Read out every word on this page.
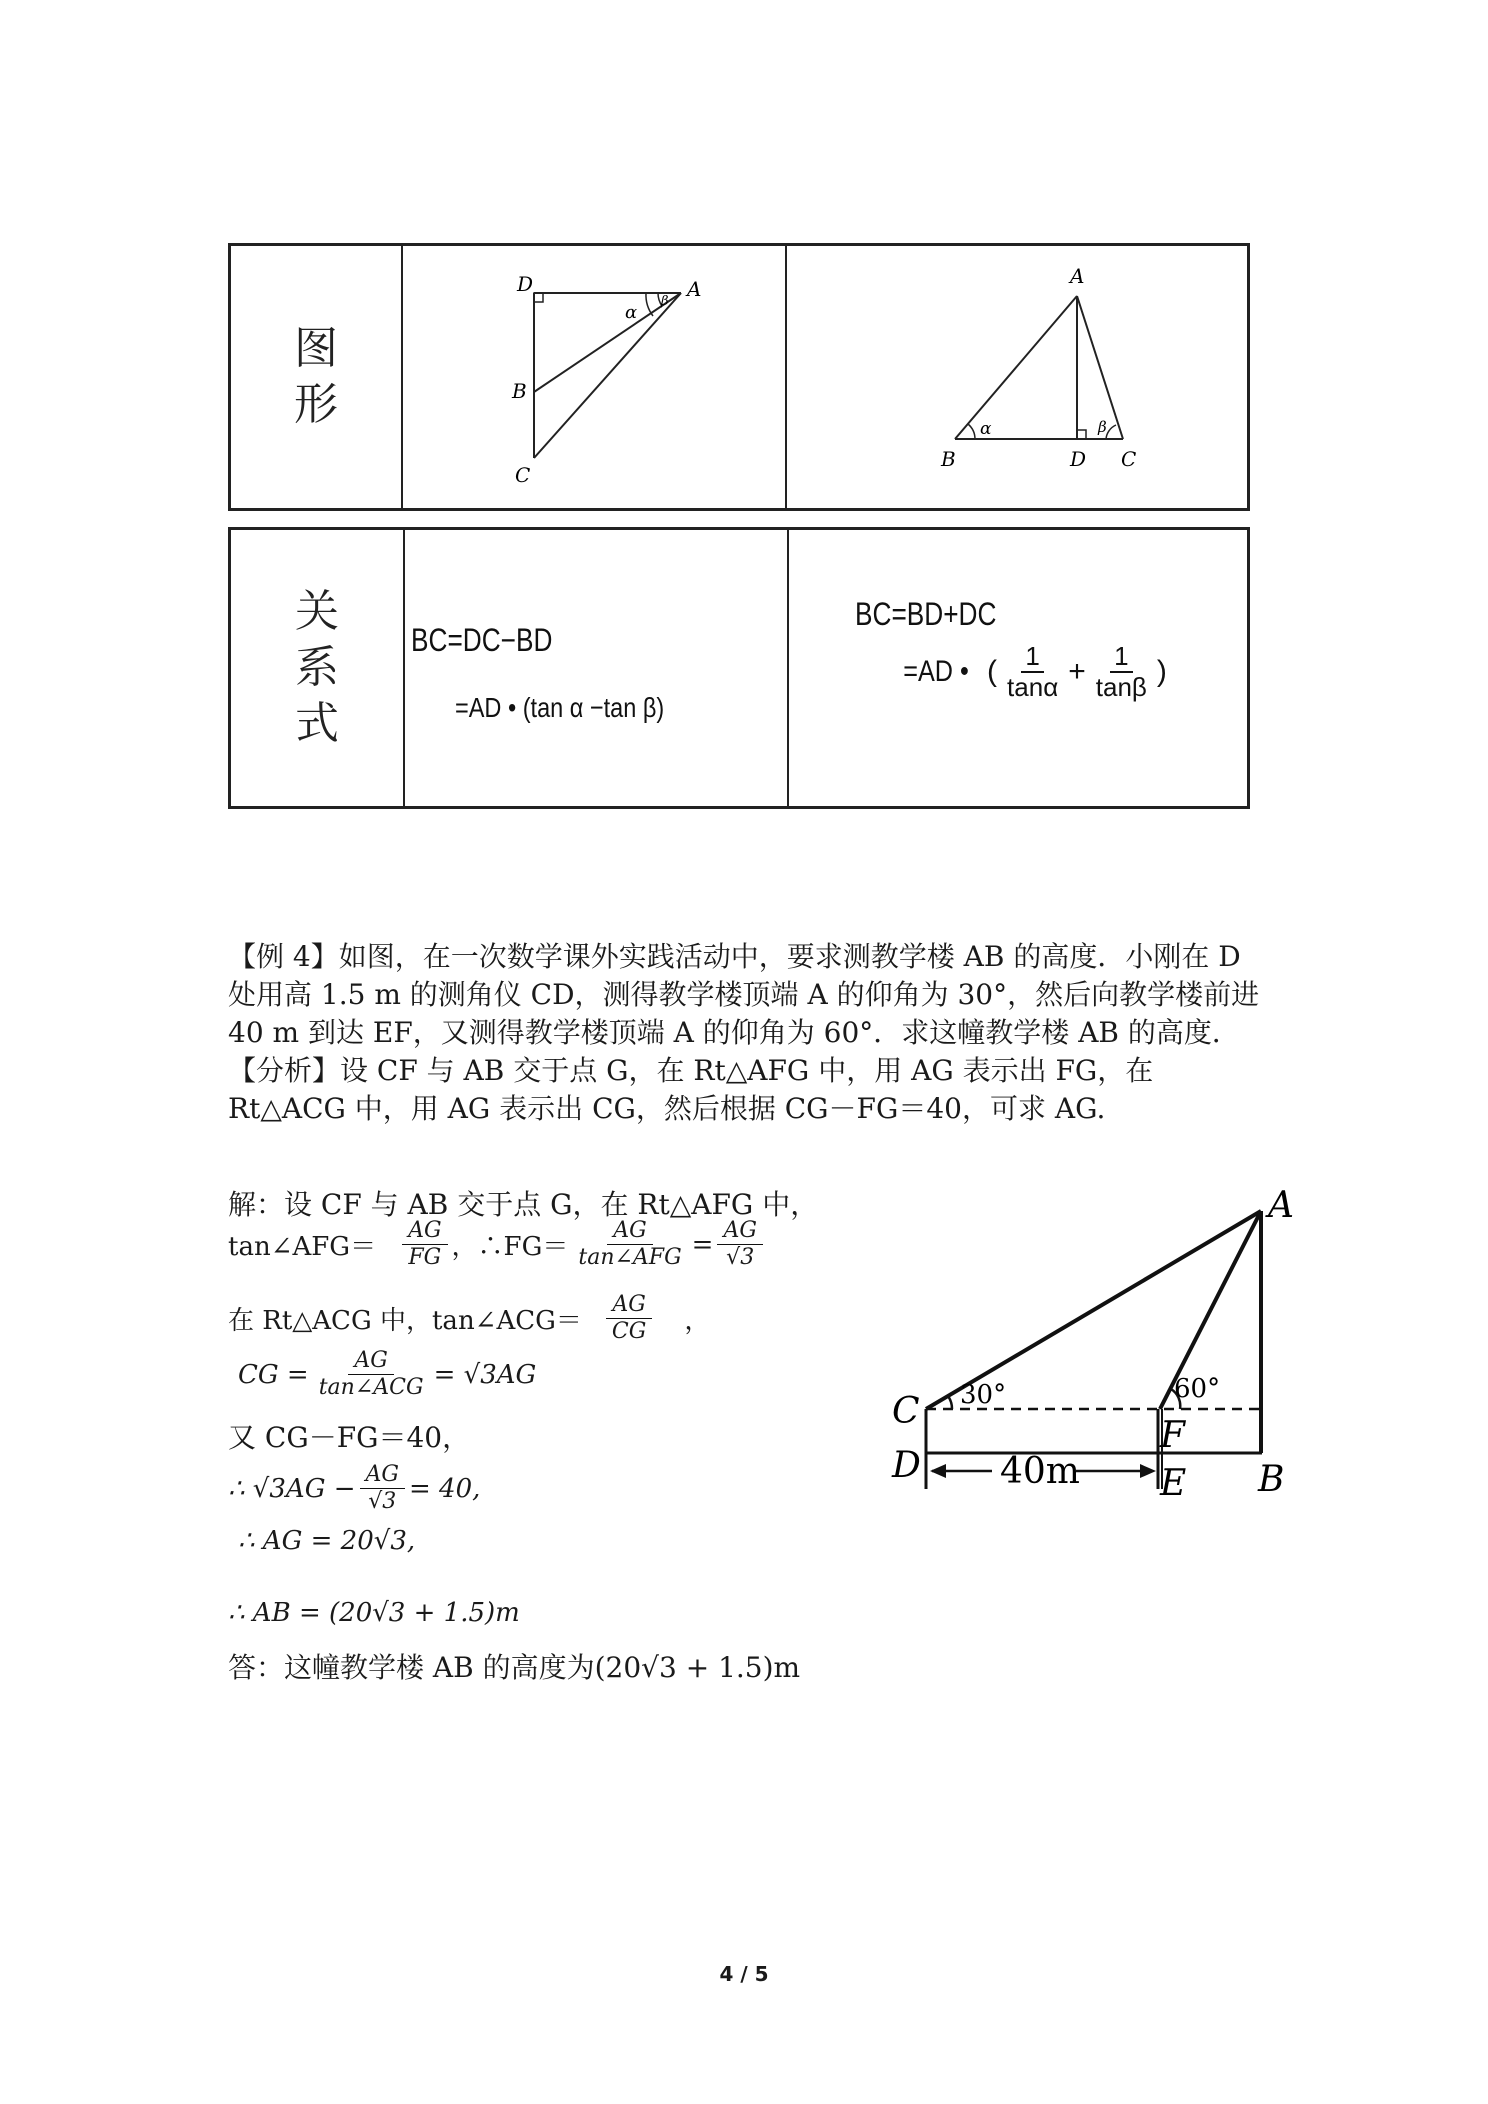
图形
D	A
B
C
α
β
A
B	D C
α	β
关系式
BC=DC−BD
=AD • (tan α −tan β)
BC=BD+DC
=AD • ( $\frac{1}{\tan\alpha} + \frac{1}{\tan\beta}$ )

【例 4】如图，在一次数学课外实践活动中，要求测教学楼 AB 的高度．小刚在 D 处用高 1.5 m 的测角仪 CD，测得教学楼顶端 A 的仰角为 30°，然后向教学楼前进 40 m 到达 EF，又测得教学楼顶端 A 的仰角为 60°．求这幢教学楼 AB 的高度．

【分析】设 CF 与 AB 交于点 G，在 Rt△AFG 中，用 AG 表示出 FG，在 Rt△ACG 中，用 AG 表示出 CG，然后根据 CG－FG＝40，可求 AG.

解：设 CF 与 AB 交于点 G，在 Rt△AFG 中，
tan∠AFG＝
AG
FG ，∴FG＝
AG
tan∠AFG = $\frac{AG}{√3}$
在 Rt△ACG 中，tan∠ACG＝
AG
CG ，
CG = AG
tan∠ACG = √3AG
又 CG－FG＝40，
∴ $√3AG - \frac{AG}{√3} = 40$,
∴ AG = 20√3,
∴ AB = (20√3 + 1.5)m
答：这幢教学楼 AB 的高度为(20√3 + 1.5)m
A
B
C
D	E
F
30°	60°
40m
4 / 5
